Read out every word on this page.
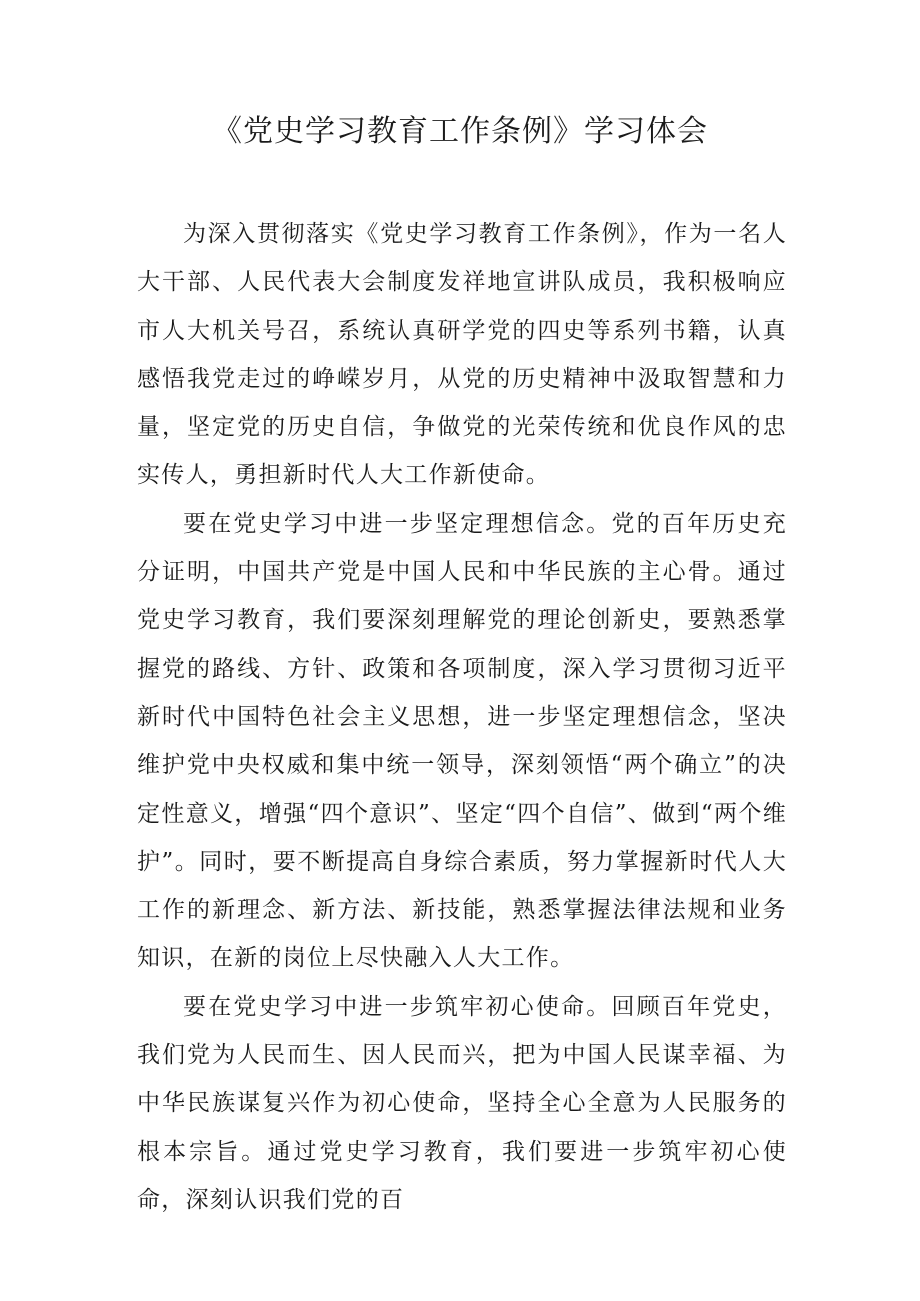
《党史学习教育工作条例》学习体会

为深入贯彻落实《党史学习教育工作条例》，作为一名人大干部、人民代表大会制度发祥地宣讲队成员，我积极响应市人大机关号召，系统认真研学党的四史等系列书籍，认真感悟我党走过的峥嵘岁月，从党的历史精神中汲取智慧和力量，坚定党的历史自信，争做党的光荣传统和优良作风的忠实传人，勇担新时代人大工作新使命。

要在党史学习中进一步坚定理想信念。党的百年历史充分证明，中国共产党是中国人民和中华民族的主心骨。通过党史学习教育，我们要深刻理解党的理论创新史，要熟悉掌握党的路线、方针、政策和各项制度，深入学习贯彻习近平新时代中国特色社会主义思想，进一步坚定理想信念，坚决维护党中央权威和集中统一领导，深刻领悟“两个确立”的决定性意义，增强“四个意识”、坚定“四个自信”、做到“两个维护”。同时，要不断提高自身综合素质，努力掌握新时代人大工作的新理念、新方法、新技能，熟悉掌握法律法规和业务知识，在新的岗位上尽快融入人大工作。

要在党史学习中进一步筑牢初心使命。回顾百年党史，我们党为人民而生、因人民而兴，把为中国人民谋幸福、为中华民族谋复兴作为初心使命，坚持全心全意为人民服务的根本宗旨。通过党史学习教育，我们要进一步筑牢初心使命，深刻认识我们党的百
